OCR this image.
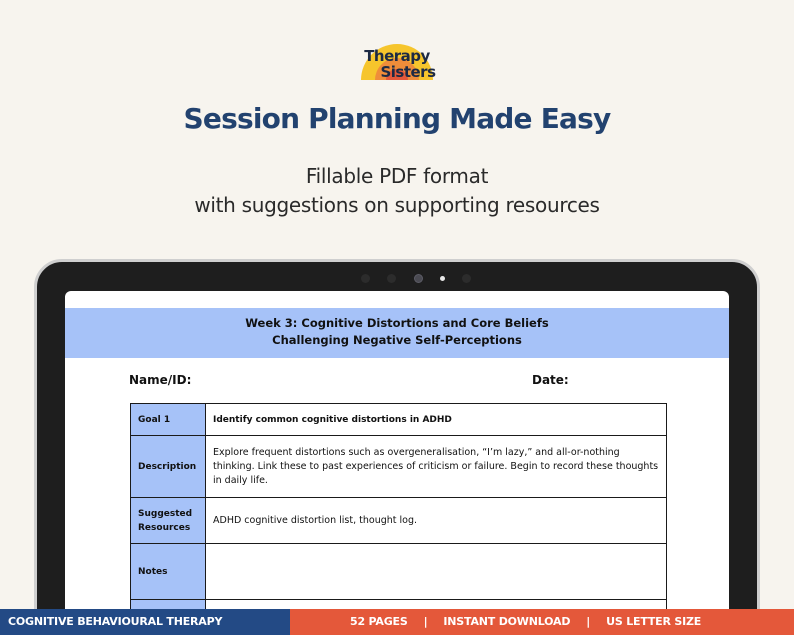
Therapy
Sisters
Session Planning Made Easy
Fillable PDF format
with suggestions on supporting resources
Week 3: Cognitive Distortions and Core Beliefs
Challenging Negative Self-Perceptions
Name/ID:	Date:
Goal 1	Identify common cognitive distortions in ADHD
Description	Explore frequent distortions such as overgeneralisation, “I’m lazy,” and all-or-nothing thinking. Link these to past experiences of criticism or failure. Begin to record these thoughts in daily life.
Suggested Resources	ADHD cognitive distortion list, thought log.
Notes	

COGNITIVE BEHAVIOURAL THERAPY	52 PAGES | INSTANT DOWNLOAD | US LETTER SIZE
